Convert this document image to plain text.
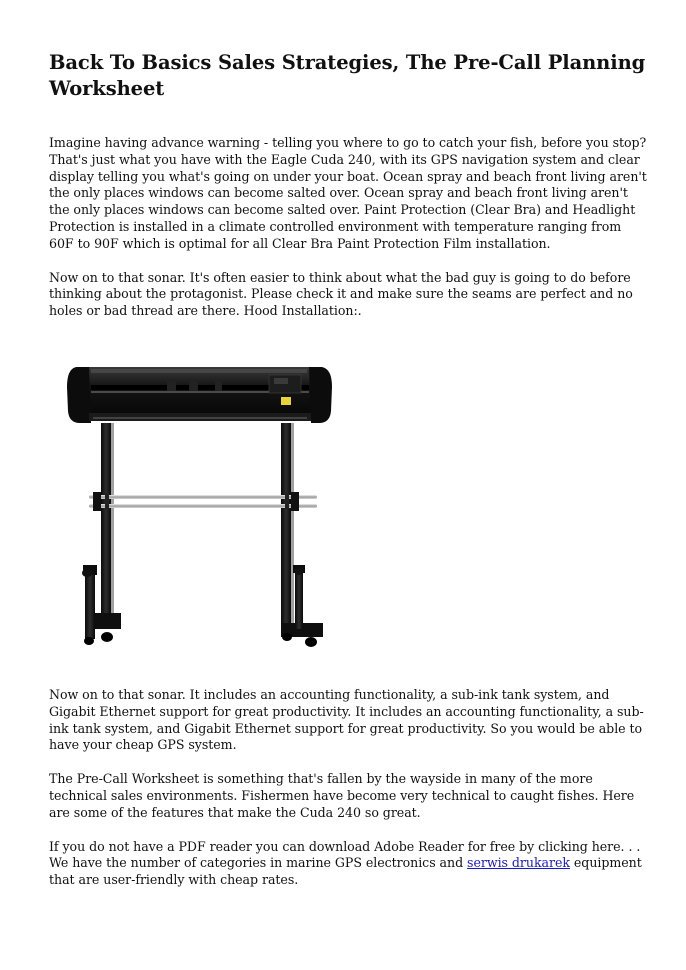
Back To Basics Sales Strategies, The Pre-Call Planning Worksheet

Imagine having advance warning - telling you where to go to catch your fish, before you stop? That's just what you have with the Eagle Cuda 240, with its GPS navigation system and clear display telling you what's going on under your boat. Ocean spray and beach front living aren't the only places windows can become salted over. Ocean spray and beach front living aren't the only places windows can become salted over. Paint Protection (Clear Bra) and Headlight Protection is installed in a climate controlled environment with temperature ranging from 60F to 90F which is optimal for all Clear Bra Paint Protection Film installation.

Now on to that sonar. It's often easier to think about what the bad guy is going to do before thinking about the protagonist. Please check it and make sure the seams are perfect and no holes or bad thread are there. Hood Installation:.

Now on to that sonar. It includes an accounting functionality, a sub-ink tank system, and Gigabit Ethernet support for great productivity. It includes an accounting functionality, a sub-ink tank system, and Gigabit Ethernet support for great productivity. So you would be able to have your cheap GPS system.

The Pre-Call Worksheet is something that's fallen by the wayside in many of the more technical sales environments. Fishermen have become very technical to caught fishes. Here are some of the features that make the Cuda 240 so great.

If you do not have a PDF reader you can download Adobe Reader for free by clicking here. . . We have the number of categories in marine GPS electronics and serwis drukarek equipment that are user-friendly with cheap rates.
